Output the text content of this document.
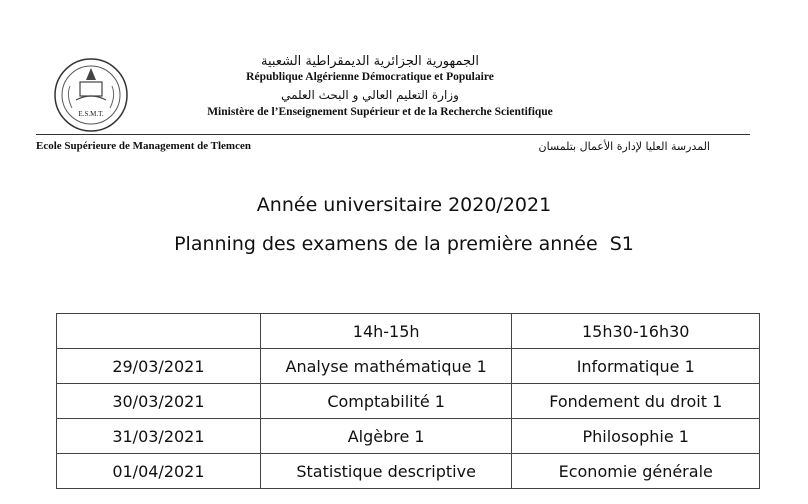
E.S.M.T.
الجمهورية الجزائرية الديمقراطية الشعبية
République Algérienne Démocratique et Populaire
وزارة التعليم العالي و البحث العلمي
Ministère de l’Enseignement Supérieur et de la Recherche Scientifique
Ecole Supérieure de Management de Tlemcen	المدرسة العليا لإدارة الأعمال بتلمسان
Année universitaire 2020/2021
Planning des examens de la première année  S1
	14h-15h	15h30-16h30
29/03/2021	Analyse mathématique 1	Informatique 1
30/03/2021	Comptabilité 1	Fondement du droit 1
31/03/2021	Algèbre 1	Philosophie 1
01/04/2021	Statistique descriptive	Economie générale
